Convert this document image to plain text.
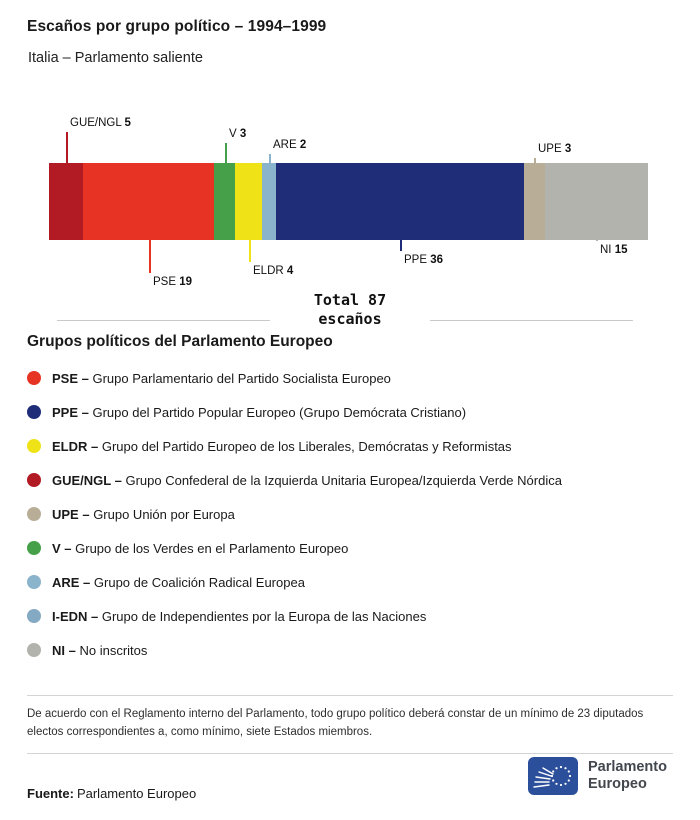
Escaños por grupo político – 1994–1999
Italia – Parlamento saliente
Total 87
escaños
GUE/NGL 5
PSE 19
V 3
ELDR 4
ARE 2
PPE 36
UPE 3
NI 15
Grupos políticos del Parlamento Europeo
PSE – Grupo Parlamentario del Partido Socialista Europeo
PPE – Grupo del Partido Popular Europeo (Grupo Demócrata Cristiano)
ELDR – Grupo del Partido Europeo de los Liberales, Demócratas y Reformistas
GUE/NGL – Grupo Confederal de la Izquierda Unitaria Europea/Izquierda Verde Nórdica
UPE – Grupo Unión por Europa
V – Grupo de los Verdes en el Parlamento Europeo
ARE – Grupo de Coalición Radical Europea
I-EDN – Grupo de Independientes por la Europa de las Naciones
NI – No inscritos

De acuerdo con el Reglamento interno del Parlamento, todo grupo político deberá constar de un mínimo de 23 diputados electos correspondientes a, como mínimo, siete Estados miembros.

Fuente: Parlamento Europeo

Parlamento
Europeo
